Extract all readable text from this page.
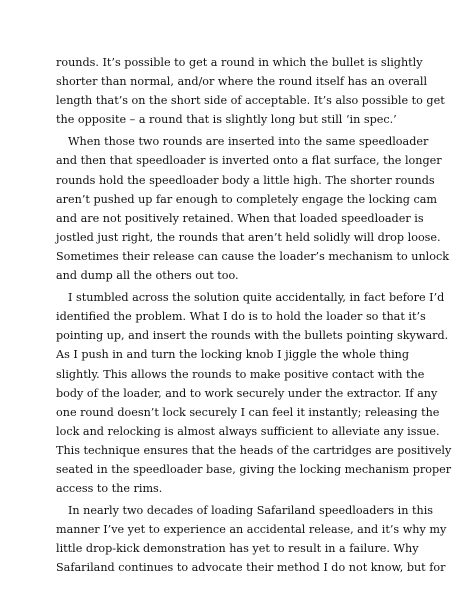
rounds. It’s possible to get a round in which the bullet is slightly
shorter than normal, and/or where the round itself has an overall
length that’s on the short side of acceptable. It’s also possible to get
the opposite – a round that is slightly long but still ‘in spec.’
When those two rounds are inserted into the same speedloader
and then that speedloader is inverted onto a flat surface, the longer
rounds hold the speedloader body a little high. The shorter rounds
aren’t pushed up far enough to completely engage the locking cam
and are not positively retained. When that loaded speedloader is
jostled just right, the rounds that aren’t held solidly will drop loose.
Sometimes their release can cause the loader’s mechanism to unlock
and dump all the others out too.
I stumbled across the solution quite accidentally, in fact before I’d
identified the problem. What I do is to hold the loader so that it’s
pointing up, and insert the rounds with the bullets pointing skyward.
As I push in and turn the locking knob I jiggle the whole thing
slightly. This allows the rounds to make positive contact with the
body of the loader, and to work securely under the extractor. If any
one round doesn’t lock securely I can feel it instantly; releasing the
lock and relocking is almost always sufficient to alleviate any issue.
This technique ensures that the heads of the cartridges are positively
seated in the speedloader base, giving the locking mechanism proper
access to the rims.
In nearly two decades of loading Safariland speedloaders in this
manner I’ve yet to experience an accidental release, and it’s why my
little drop-kick demonstration has yet to result in a failure. Why
Safariland continues to advocate their method I do not know, but for
